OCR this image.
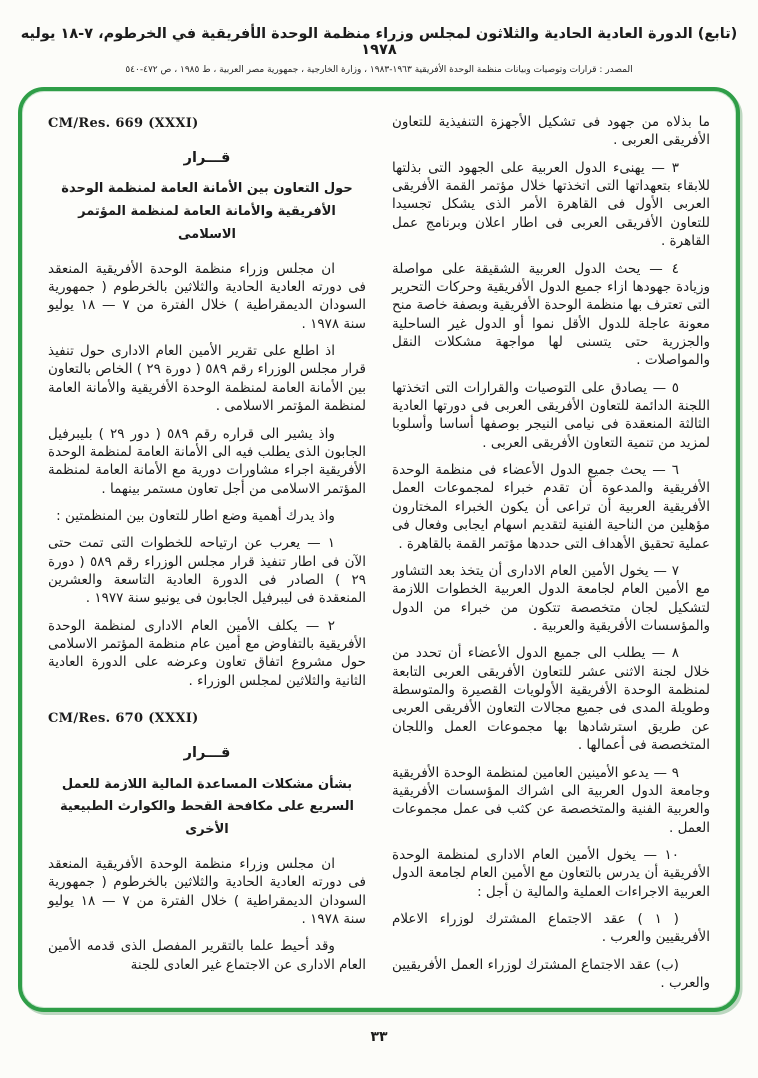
(تابع) الدورة العادية الحادية والثلاثون لمجلس وزراء منظمة الوحدة الأفريقية في الخرطوم، ٧-١٨ يوليه ١٩٧٨
المصدر : قرارات وتوصيات وبيانات منظمة الوحدة الأفريقية ١٩٦٣-١٩٨٣ ، وزارة الخارجية ، جمهورية مصر العربية ، ط ١٩٨٥ ، ص ٤٧٢-٥٤٠

ما بذلاه من جهود فى تشكيل الأجهزة التنفيذية للتعاون الأفريقى العربى .

٣ — يهنىء الدول العربية على الجهود التى بذلتها للابقاء بتعهداتها التى اتخذتها خلال مؤتمر القمة الأفريقى العربى الأول فى القاهرة الأمر الذى يشكل تجسيدا للتعاون الأفريقى العربى فى اطار اعلان وبرنامج عمل القاهرة .

٤ — يحث الدول العربية الشقيقة على مواصلة وزيادة جهودها ازاء جميع الدول الأفريقية وحركات التحرير التى تعترف بها منظمة الوحدة الأفريقية وبصفة خاصة منح معونة عاجلة للدول الأقل نموا أو الدول غير الساحلية والجزرية حتى يتسنى لها مواجهة مشكلات النقل والمواصلات .

٥ — يصادق على التوصيات والقرارات التى اتخذتها اللجنة الدائمة للتعاون الأفريقى العربى فى دورتها العادية الثالثة المنعقدة فى نيامى النيجر بوصفها أساسا وأسلوبا لمزيد من تنمية التعاون الأفريقى العربى .

٦ — يحث جميع الدول الأعضاء فى منظمة الوحدة الأفريقية والمدعوة أن تقدم خبراء لمجموعات العمل الأفريقية العربية أن تراعى أن يكون الخبراء المختارون مؤهلين من الناحية الفنية لتقديم اسهام ايجابى وفعال فى عملية تحقيق الأهداف التى حددها مؤتمر القمة بالقاهرة .

٧ — يخول الأمين العام الادارى أن يتخذ بعد التشاور مع الأمين العام لجامعة الدول العربية الخطوات اللازمة لتشكيل لجان متخصصة تتكون من خبراء من الدول والمؤسسات الأفريقية والعربية .

٨ — يطلب الى جميع الدول الأعضاء أن تحدد من خلال لجنة الاثنى عشر للتعاون الأفريقى العربى التابعة لمنظمة الوحدة الأفريقية الأولويات القصيرة والمتوسطة وطويلة المدى فى جميع مجالات التعاون الأفريقى العربى عن طريق استرشادها بها مجموعات العمل واللجان المتخصصة فى أعمالها .

٩ — يدعو الأمينين العامين لمنظمة الوحدة الأفريقية وجامعة الدول العربية الى اشراك المؤسسات الأفريقية والعربية الفنية والمتخصصة عن كثب فى عمل مجموعات العمل .

١٠ — يخول الأمين العام الادارى لمنظمة الوحدة الأفريقية أن يدرس بالتعاون مع الأمين العام لجامعة الدول العربية الاجراءات العملية والمالية ن أجل :

( ١ ) عقد الاجتماع المشترك لوزراء الاعلام الأفريقيين والعرب .

(ب) عقد الاجتماع المشترك لوزراء العمل الأفريقيين والعرب .

CM/Res. 669 (XXXI)
قـــرار
حول التعاون بين الأمانة العامة لمنظمة الوحدة الأفريقية والأمانة العامة لمنظمة المؤتمر الاسلامى

ان مجلس وزراء منظمة الوحدة الأفريقية المنعقد فى دورته العادية الحادية والثلاثين بالخرطوم ( جمهورية السودان الديمقراطية ) خلال الفترة من ٧ — ١٨ يوليو سنة ١٩٧٨ .

اذ اطلع على تقرير الأمين العام الادارى حول تنفيذ قرار مجلس الوزراء رقم ٥٨٩ ( دورة ٢٩ ) الخاص بالتعاون بين الأمانة العامة لمنظمة الوحدة الأفريقية والأمانة العامة لمنظمة المؤتمر الاسلامى .

واذ يشير الى قراره رقم ٥٨٩ ( دور ٢٩ ) بليبرفيل الجابون الذى يطلب فيه الى الأمانة العامة لمنظمة الوحدة الأفريقية اجراء مشاورات دورية مع الأمانة العامة لمنظمة المؤتمر الاسلامى من أجل تعاون مستمر بينهما .

واذ يدرك أهمية وضع اطار للتعاون بين المنظمتين :

١ — يعرب عن ارتياحه للخطوات التى تمت حتى الآن فى اطار تنفيذ قرار مجلس الوزراء رقم ٥٨٩ ( دورة ٢٩ ) الصادر فى الدورة العادية التاسعة والعشرين المنعقدة فى ليبرفيل الجابون فى يونيو سنة ١٩٧٧ .

٢ — يكلف الأمين العام الادارى لمنظمة الوحدة الأفريقية بالتفاوض مع أمين عام منظمة المؤتمر الاسلامى حول مشروع اتفاق تعاون وعرضه على الدورة العادية الثانية والثلاثين لمجلس الوزراء .

CM/Res. 670 (XXXI)
قـــرار
بشأن مشكلات المساعدة المالية اللازمة للعمل السريع على مكافحة القحط والكوارث الطبيعية الأخرى

ان مجلس وزراء منظمة الوحدة الأفريقية المنعقد فى دورته العادية الحادية والثلاثين بالخرطوم ( جمهورية السودان الديمقراطية ) خلال الفترة من ٧ — ١٨ يوليو سنة ١٩٧٨ .

وقد أحيط علما بالتقرير المفصل الذى قدمه الأمين العام الادارى عن الاجتماع غير العادى للجنة

٣٣
